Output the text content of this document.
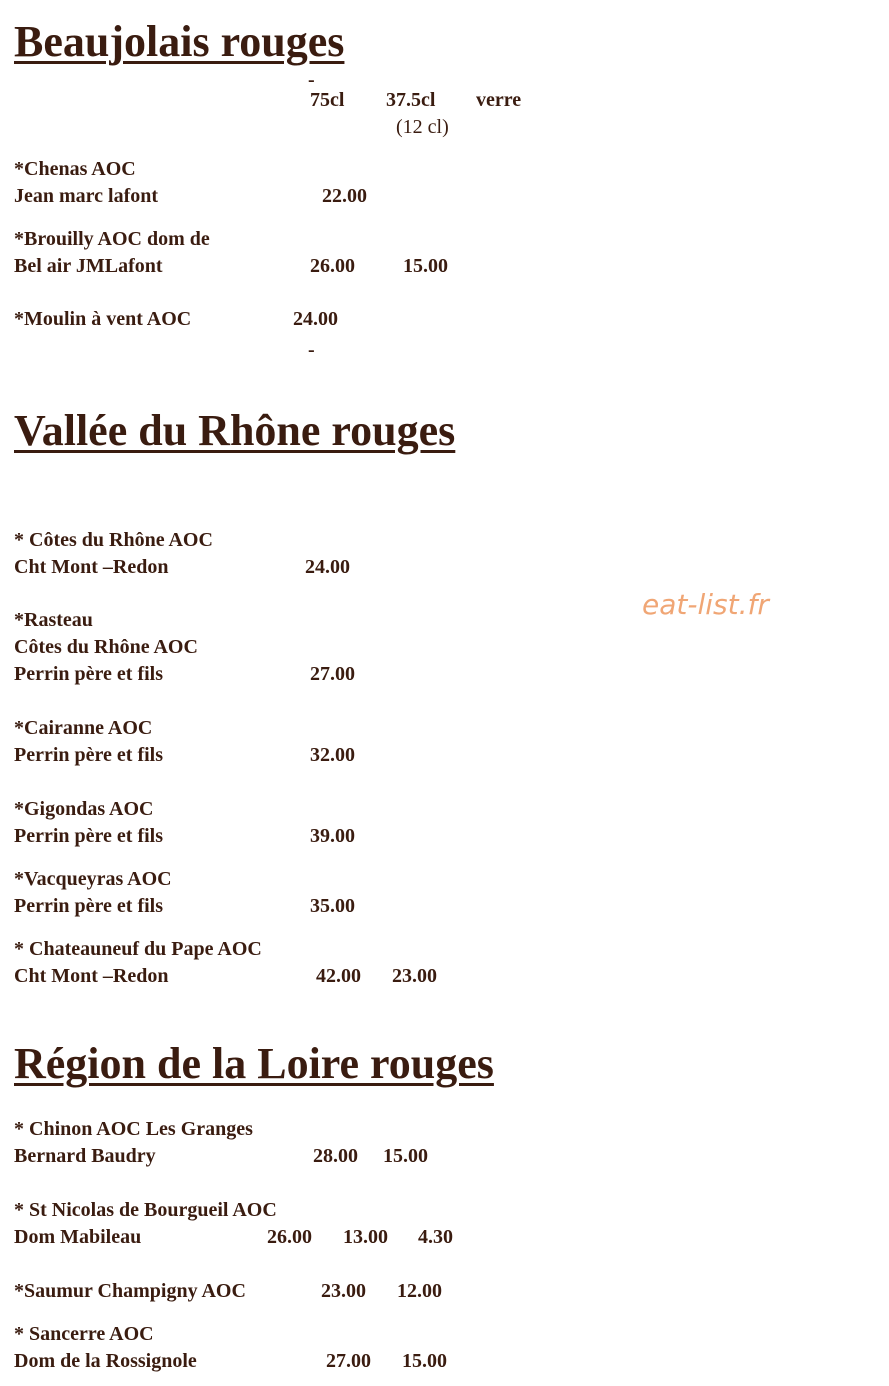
Beaujolais rouges
-
75cl 37.5cl verre
(12 cl)
*Chenas AOC
Jean marc lafont	22.00
*Brouilly AOC dom de
Bel air JMLafont	26.00 15.00
*Moulin à vent AOC	24.00
-
Vallée du Rhône rouges
* Côtes du Rhône AOC
Cht Mont –Redon	24.00
eat-list.fr
*Rasteau
Côtes du Rhône AOC
Perrin père et fils	27.00
*Cairanne AOC
Perrin père et fils	32.00
*Gigondas AOC
Perrin père et fils	39.00
*Vacqueyras AOC
Perrin père et fils	35.00
* Chateauneuf du Pape AOC
Cht Mont –Redon	42.00 23.00
Région de la Loire rouges
* Chinon AOC Les Granges
Bernard Baudry	28.00 15.00
* St Nicolas de Bourgueil AOC
Dom Mabileau	26.00 13.00 4.30
*Saumur Champigny AOC	23.00 12.00
* Sancerre AOC
Dom de la Rossignole	27.00 15.00
